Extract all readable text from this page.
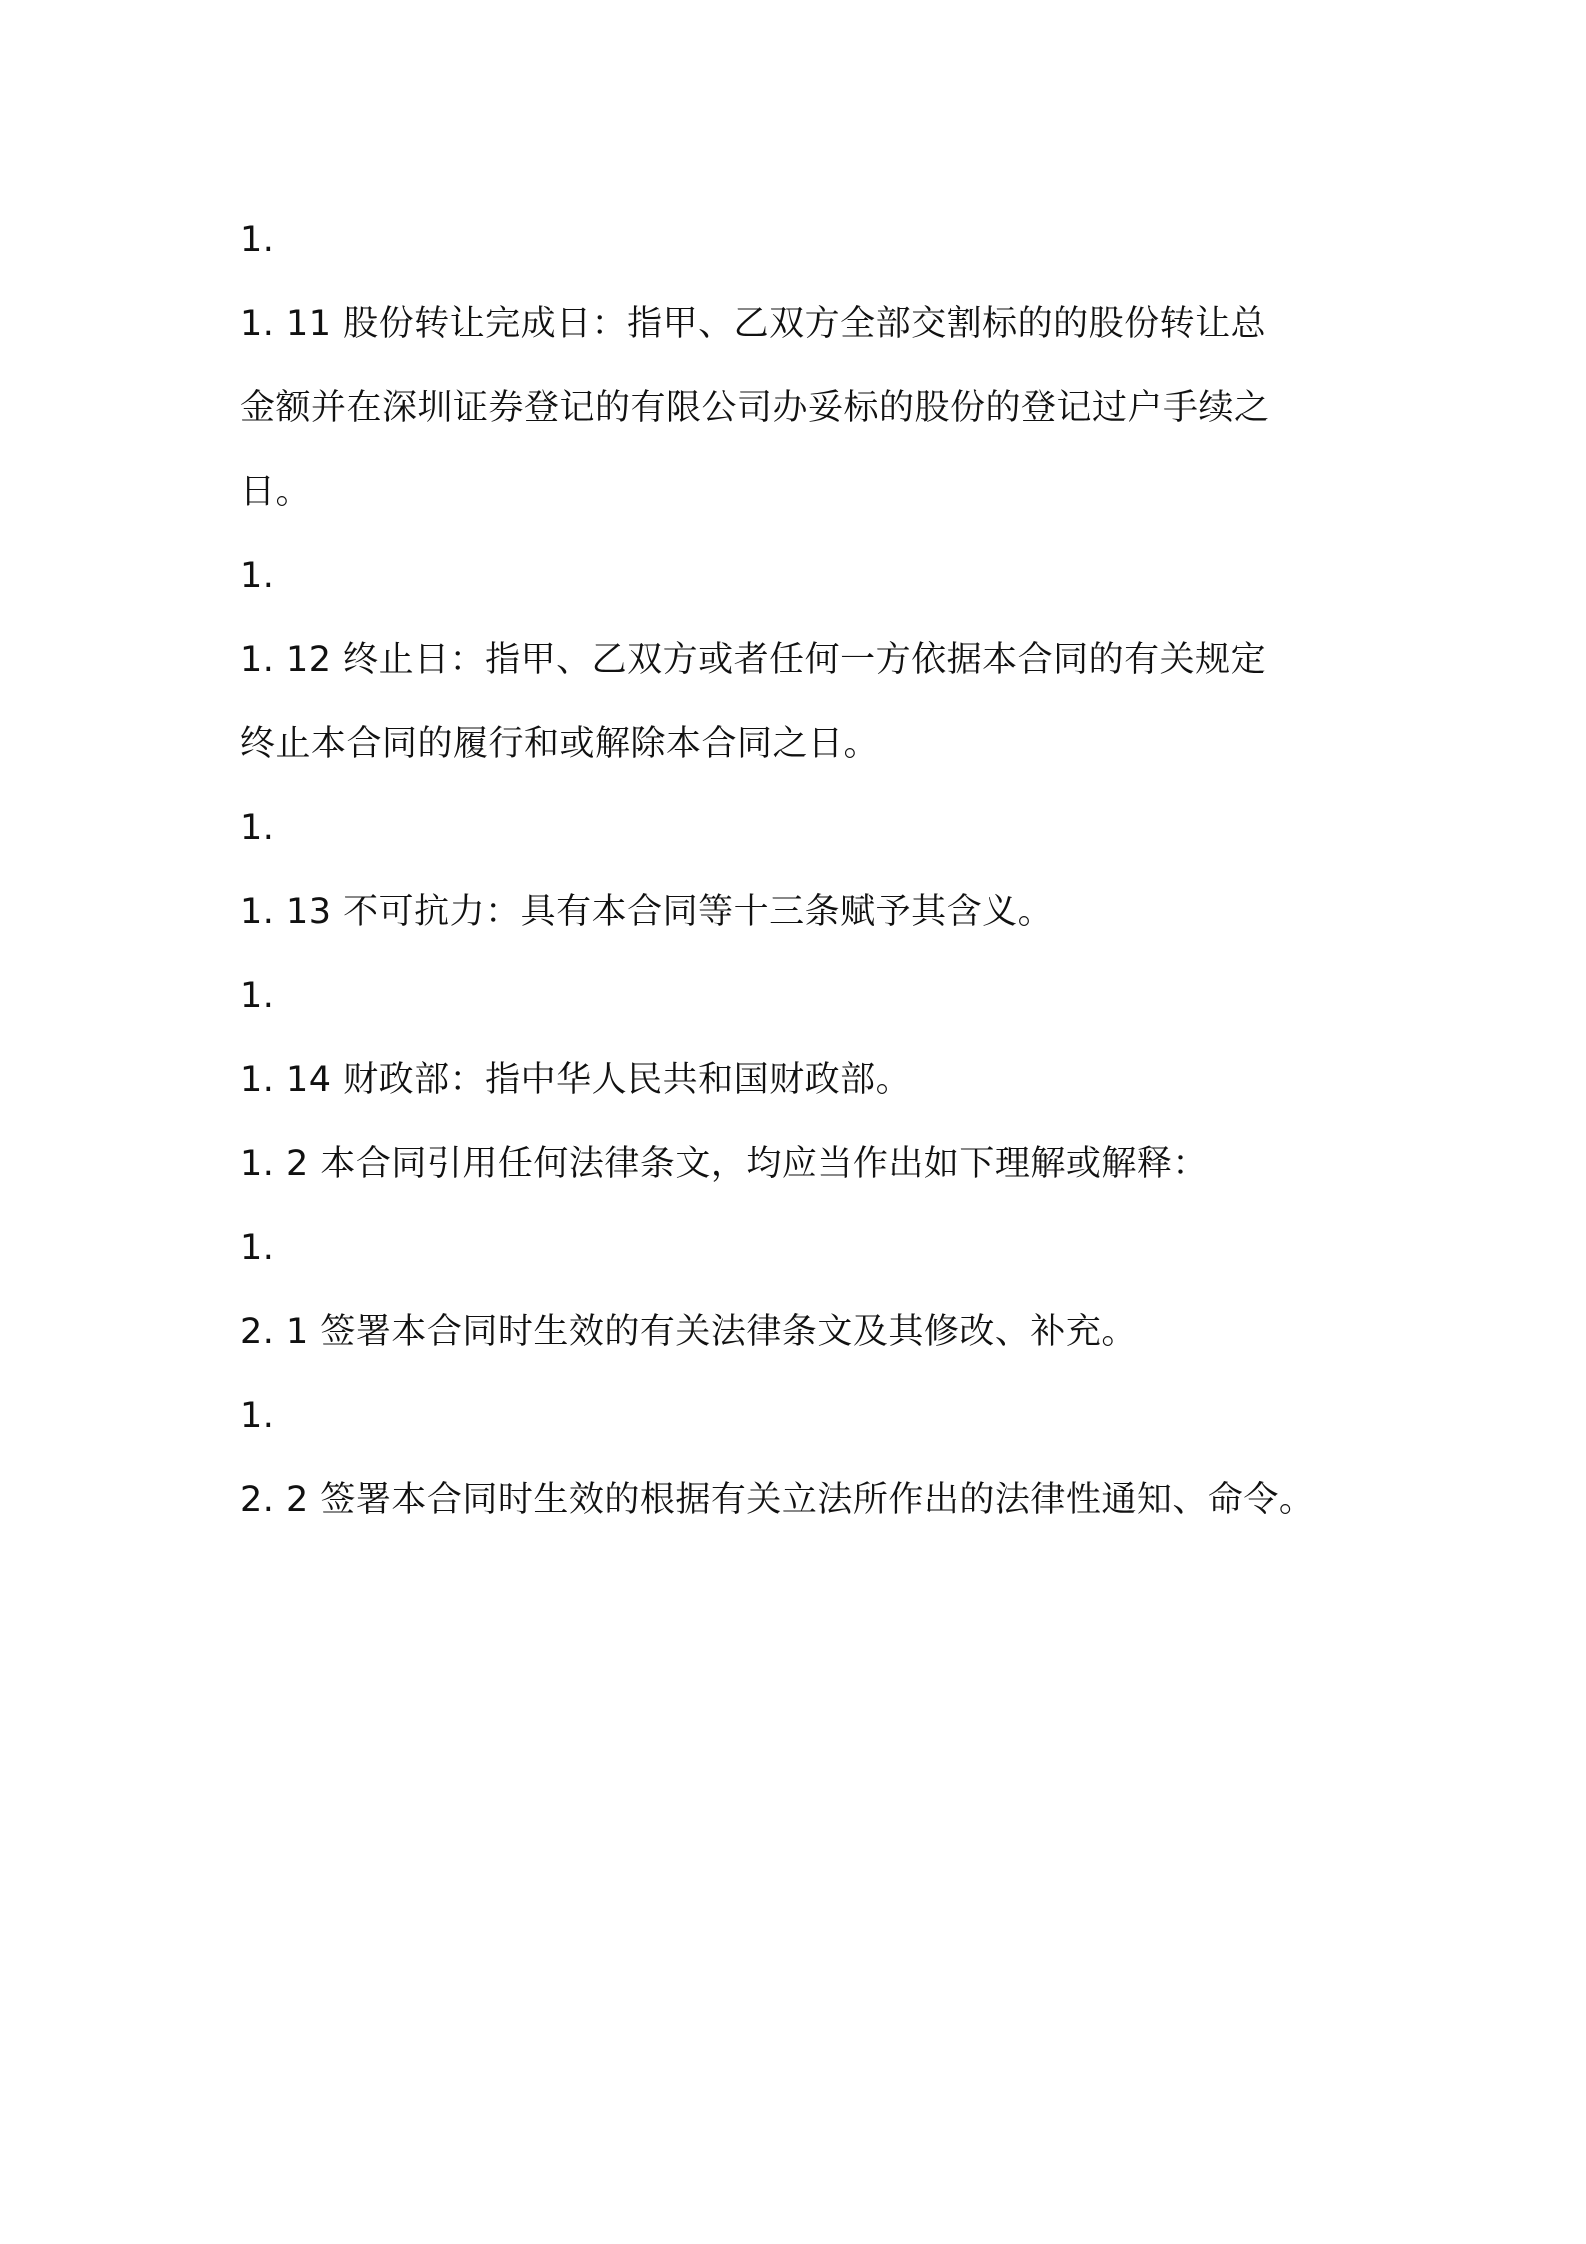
1.
1. 11 股份转让完成日：指甲、乙双方全部交割标的的股份转让总
金额并在深圳证券登记的有限公司办妥标的股份的登记过户手续之
日。
1.
1. 12 终止日：指甲、乙双方或者任何一方依据本合同的有关规定
终止本合同的履行和或解除本合同之日。
1.
1. 13 不可抗力：具有本合同等十三条赋予其含义。
1.
1. 14 财政部：指中华人民共和国财政部。
1. 2 本合同引用任何法律条文，均应当作出如下理解或解释：
1.
2. 1 签署本合同时生效的有关法律条文及其修改、补充。
1.
2. 2 签署本合同时生效的根据有关立法所作出的法律性通知、命令。
